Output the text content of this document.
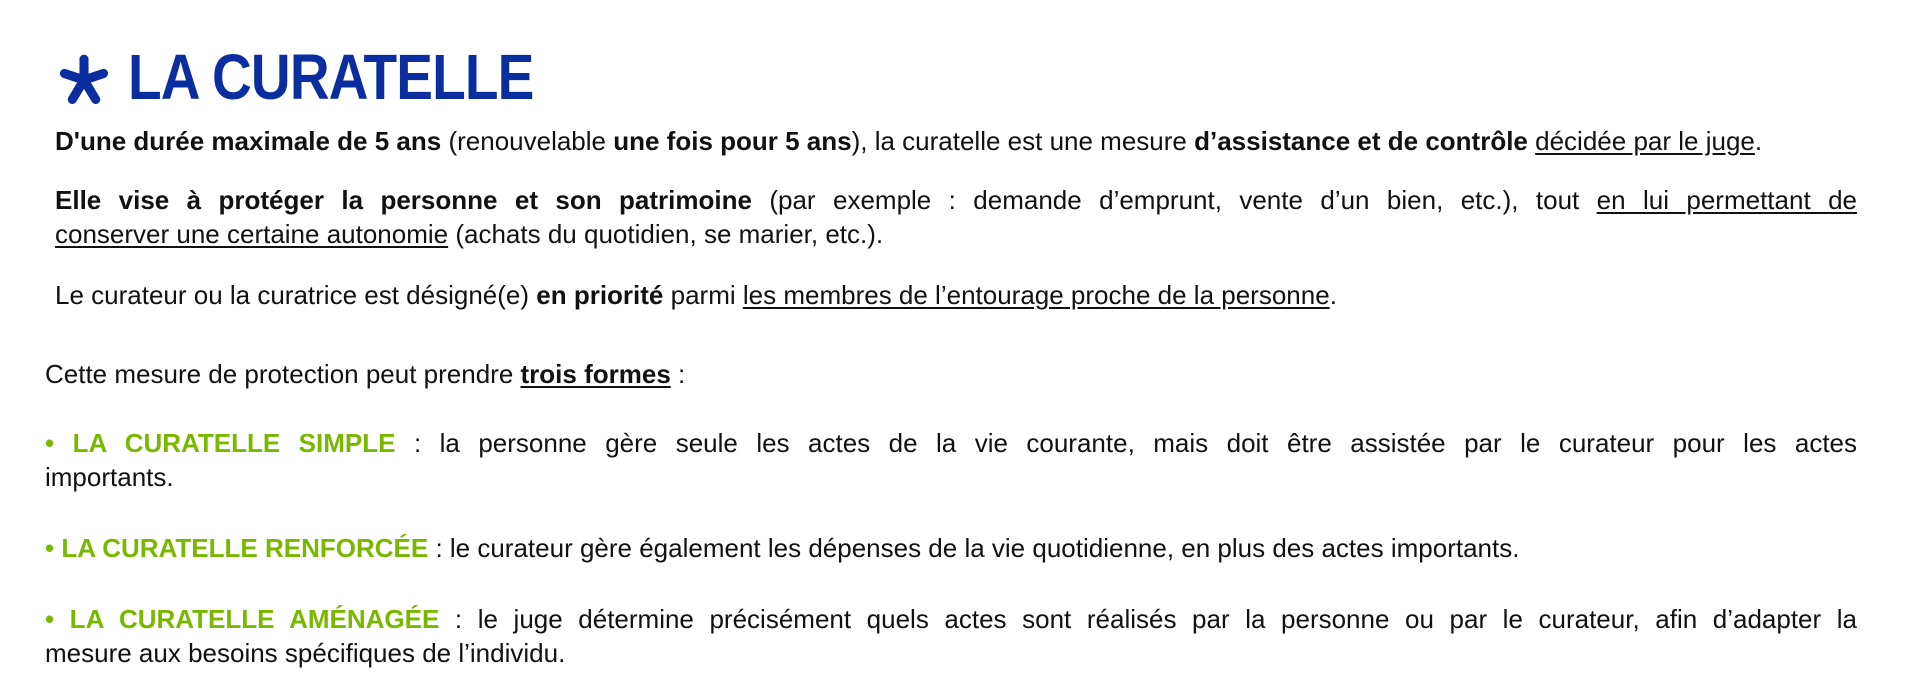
LA CURATELLE
D'une durée maximale de 5 ans (renouvelable une fois pour 5 ans), la curatelle est une mesure d’assistance et de contrôle décidée par le juge.
Elle vise à protéger la personne et son patrimoine (par exemple : demande d’emprunt, vente d’un bien, etc.), tout en lui permettant de
conserver une certaine autonomie (achats du quotidien, se marier, etc.).
Le curateur ou la curatrice est désigné(e) en priorité parmi les membres de l’entourage proche de la personne.
Cette mesure de protection peut prendre trois formes :
• LA CURATELLE SIMPLE : la personne gère seule les actes de la vie courante, mais doit être assistée par le curateur pour les actes
importants.
• LA CURATELLE RENFORCÉE : le curateur gère également les dépenses de la vie quotidienne, en plus des actes importants.
• LA CURATELLE AMÉNAGÉE : le juge détermine précisément quels actes sont réalisés par la personne ou par le curateur, afin d’adapter la
mesure aux besoins spécifiques de l’individu.
